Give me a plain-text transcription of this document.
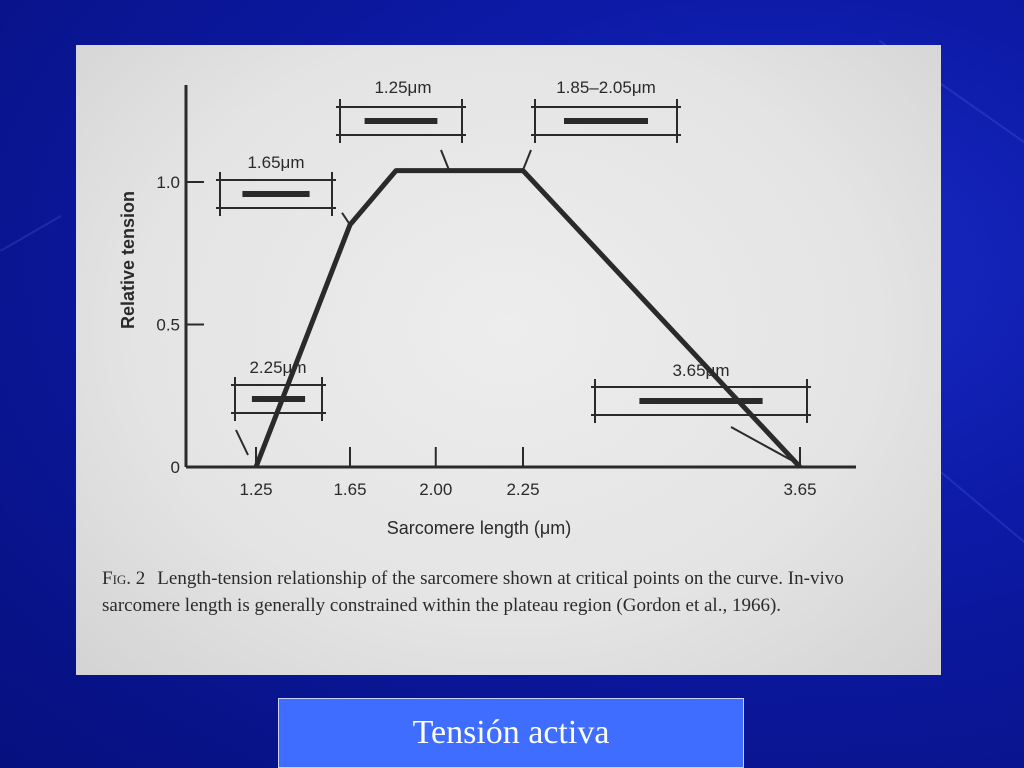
1.25	1.65	2.00	2.25	3.65
0
0.5
1.0
Sarcomere length (μm)
Relative tension
1.65μm
1.25μm	1.85–2.05μm
2.25μm	3.65μm
Fig. 2 Length-tension relationship of the sarcomere shown at critical points on the curve. In-vivo sarcomere length is generally constrained within the plateau region (Gordon et al., 1966).
Tensión activa
